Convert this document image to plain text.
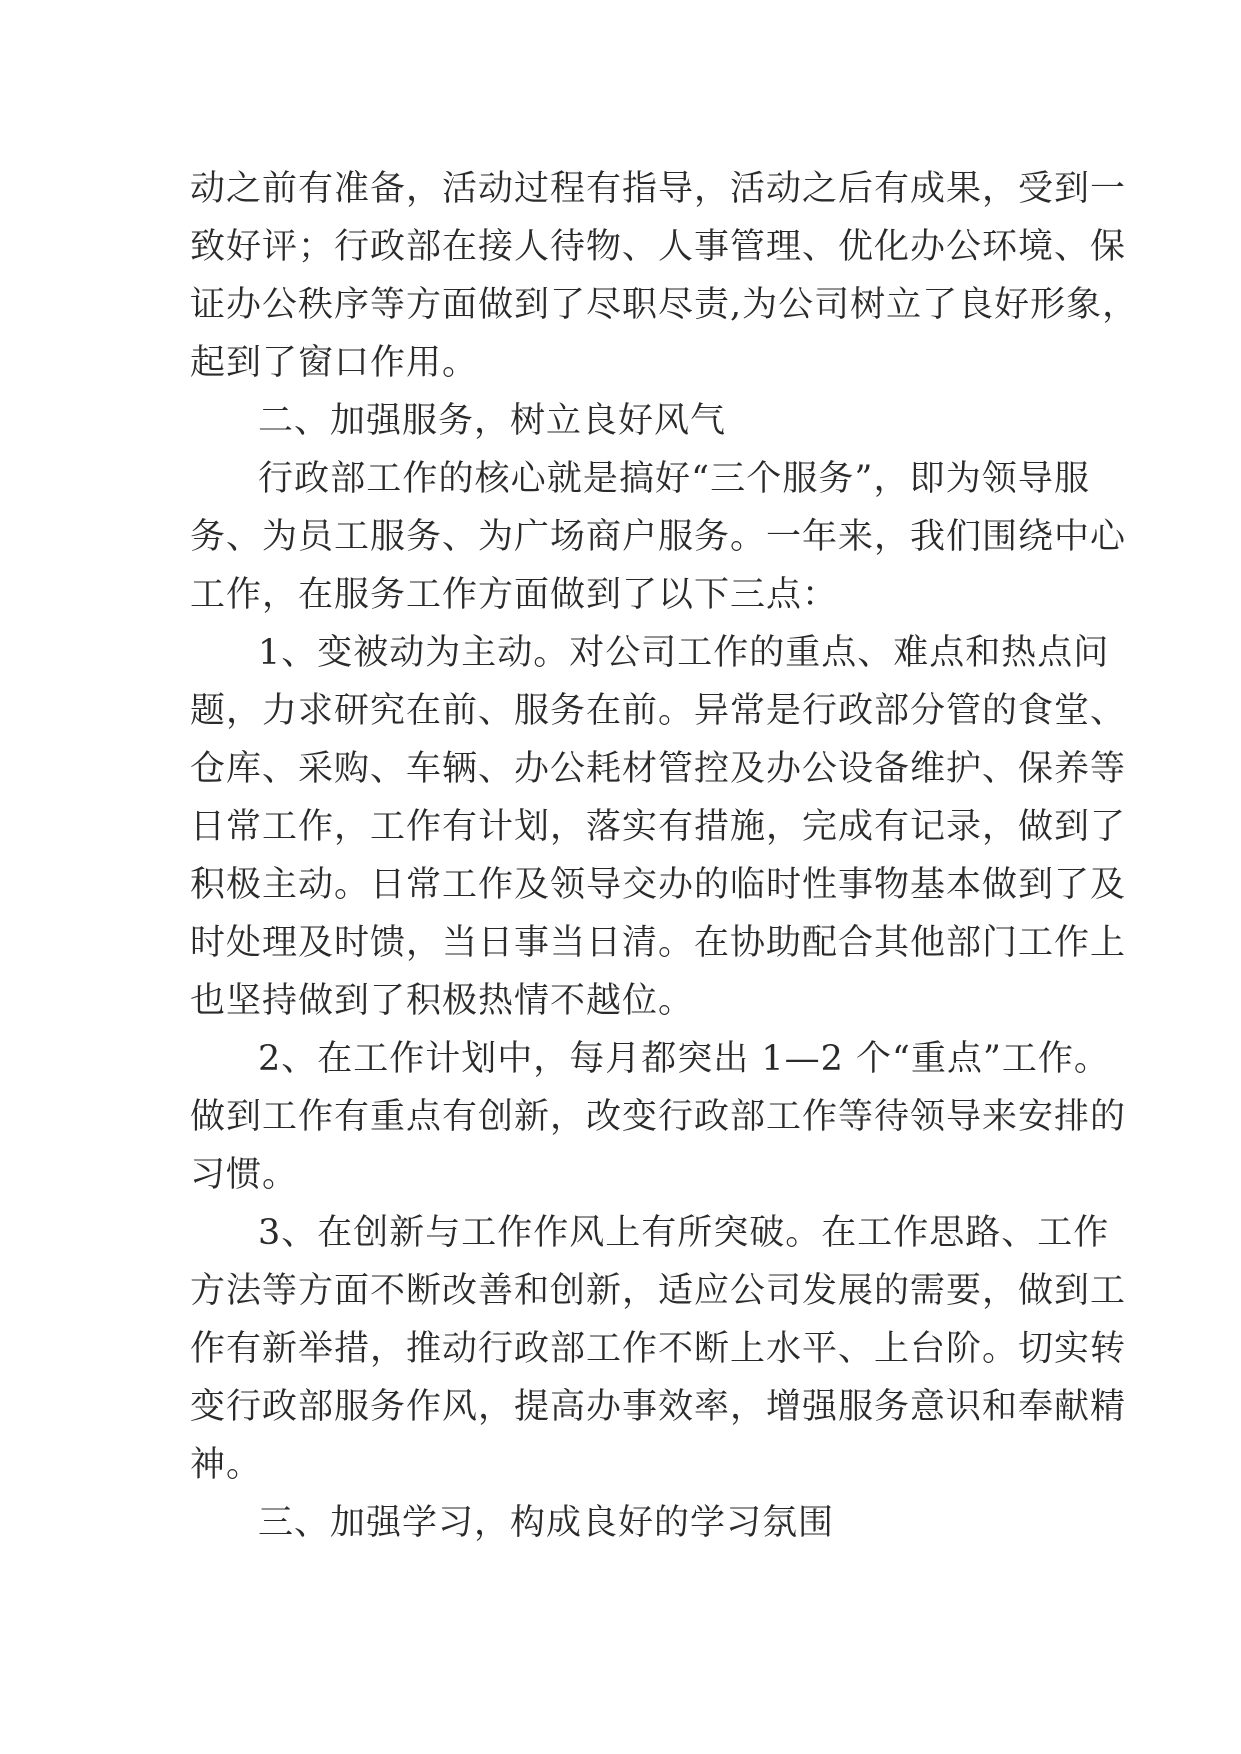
动之前有准备，活动过程有指导，活动之后有成果，受到一
致好评；行政部在接人待物、人事管理、优化办公环境、保
证办公秩序等方面做到了尽职尽责,为公司树立了良好形象，
起到了窗口作用。
二、加强服务，树立良好风气
行政部工作的核心就是搞好“三个服务”，即为领导服
务、为员工服务、为广场商户服务。一年来，我们围绕中心
工作，在服务工作方面做到了以下三点：
1、变被动为主动。对公司工作的重点、难点和热点问
题，力求研究在前、服务在前。异常是行政部分管的食堂、
仓库、采购、车辆、办公耗材管控及办公设备维护、保养等
日常工作，工作有计划，落实有措施，完成有记录，做到了
积极主动。日常工作及领导交办的临时性事物基本做到了及
时处理及时馈，当日事当日清。在协助配合其他部门工作上
也坚持做到了积极热情不越位。
2、在工作计划中，每月都突出 1—2 个“重点”工作。
做到工作有重点有创新，改变行政部工作等待领导来安排的
习惯。
3、在创新与工作作风上有所突破。在工作思路、工作
方法等方面不断改善和创新，适应公司发展的需要，做到工
作有新举措，推动行政部工作不断上水平、上台阶。切实转
变行政部服务作风，提高办事效率，增强服务意识和奉献精
神。
三、加强学习，构成良好的学习氛围
